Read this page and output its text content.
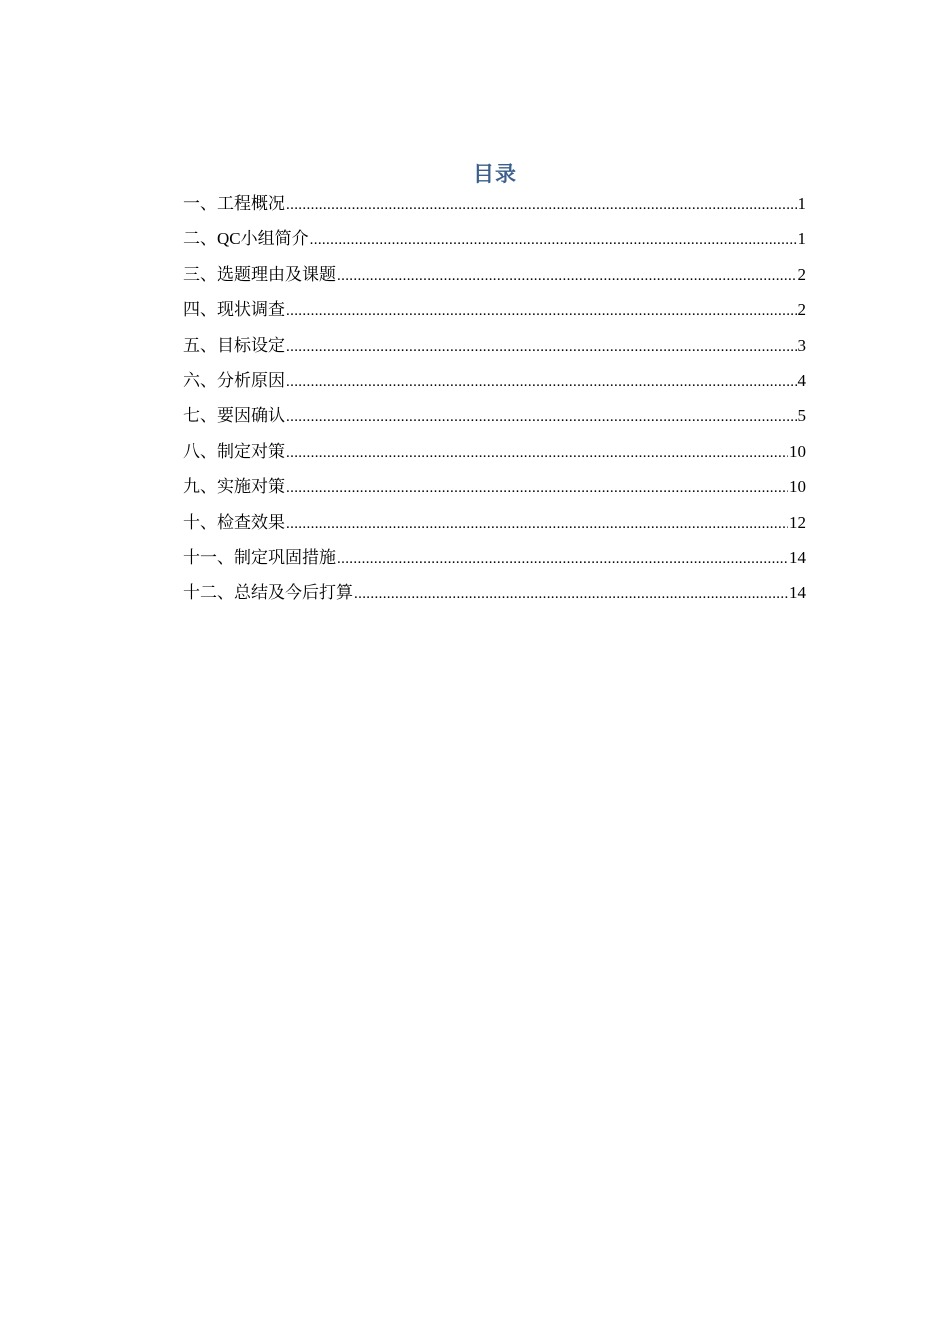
目录
一、工程概况 .....	1
二、QC小组简介 .....	1
三、选题理由及课题 .....	2
四、现状调查 .....	2
五、目标设定 .....	3
六、分析原因 .....	4
七、要因确认 .....	5
八、制定对策 .....	10
九、实施对策 .....	10
十、检查效果 .....	12
十一、制定巩固措施 .....	14
十二、总结及今后打算 .....	14
